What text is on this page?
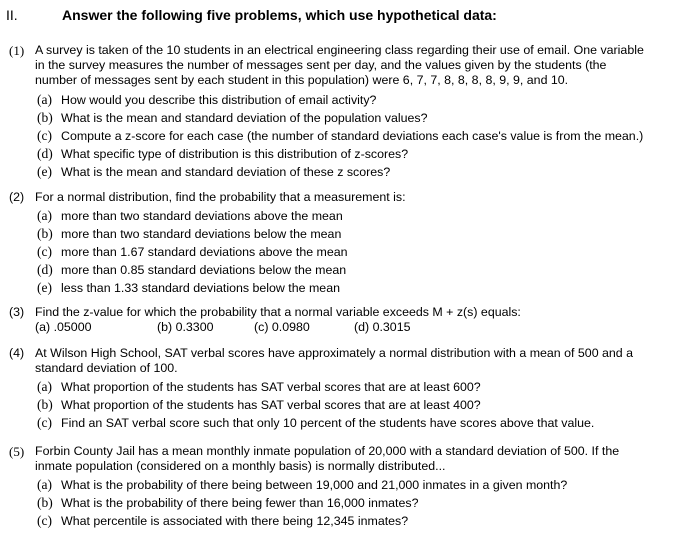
II.	Answer the following five problems, which use hypothetical data:
(1) A survey is taken of the 10 students in an electrical engineering class regarding their use of email. One variable
in the survey measures the number of messages sent per day, and the values given by the students (the
number of messages sent by each student in this population) were 6, 7, 7, 8, 8, 8, 8, 9, 9, and 10.
(a) How would you describe this distribution of email activity?
(b) What is the mean and standard deviation of the population values?
(c) Compute a z-score for each case (the number of standard deviations each case's value is from the mean.)
(d) What specific type of distribution is this distribution of z-scores?
(e) What is the mean and standard deviation of these z scores?
(2) For a normal distribution, find the probability that a measurement is:
(a) more than two standard deviations above the mean
(b) more than two standard deviations below the mean
(c) more than 1.67 standard deviations above the mean
(d) more than 0.85 standard deviations below the mean
(e) less than 1.33 standard deviations below the mean
(3) Find the z-value for which the probability that a normal variable exceeds M + z(s) equals:
(a) .05000	(b) 0.3300	(c) 0.0980	(d) 0.3015
(4) At Wilson High School, SAT verbal scores have approximately a normal distribution with a mean of 500 and a
standard deviation of 100.
(a) What proportion of the students has SAT verbal scores that are at least 600?
(b) What proportion of the students has SAT verbal scores that are at least 400?
(c) Find an SAT verbal score such that only 10 percent of the students have scores above that value.
(5) Forbin County Jail has a mean monthly inmate population of 20,000 with a standard deviation of 500. If the
inmate population (considered on a monthly basis) is normally distributed...
(a) What is the probability of there being between 19,000 and 21,000 inmates in a given month?
(b) What is the probability of there being fewer than 16,000 inmates?
(c) What percentile is associated with there being 12,345 inmates?
